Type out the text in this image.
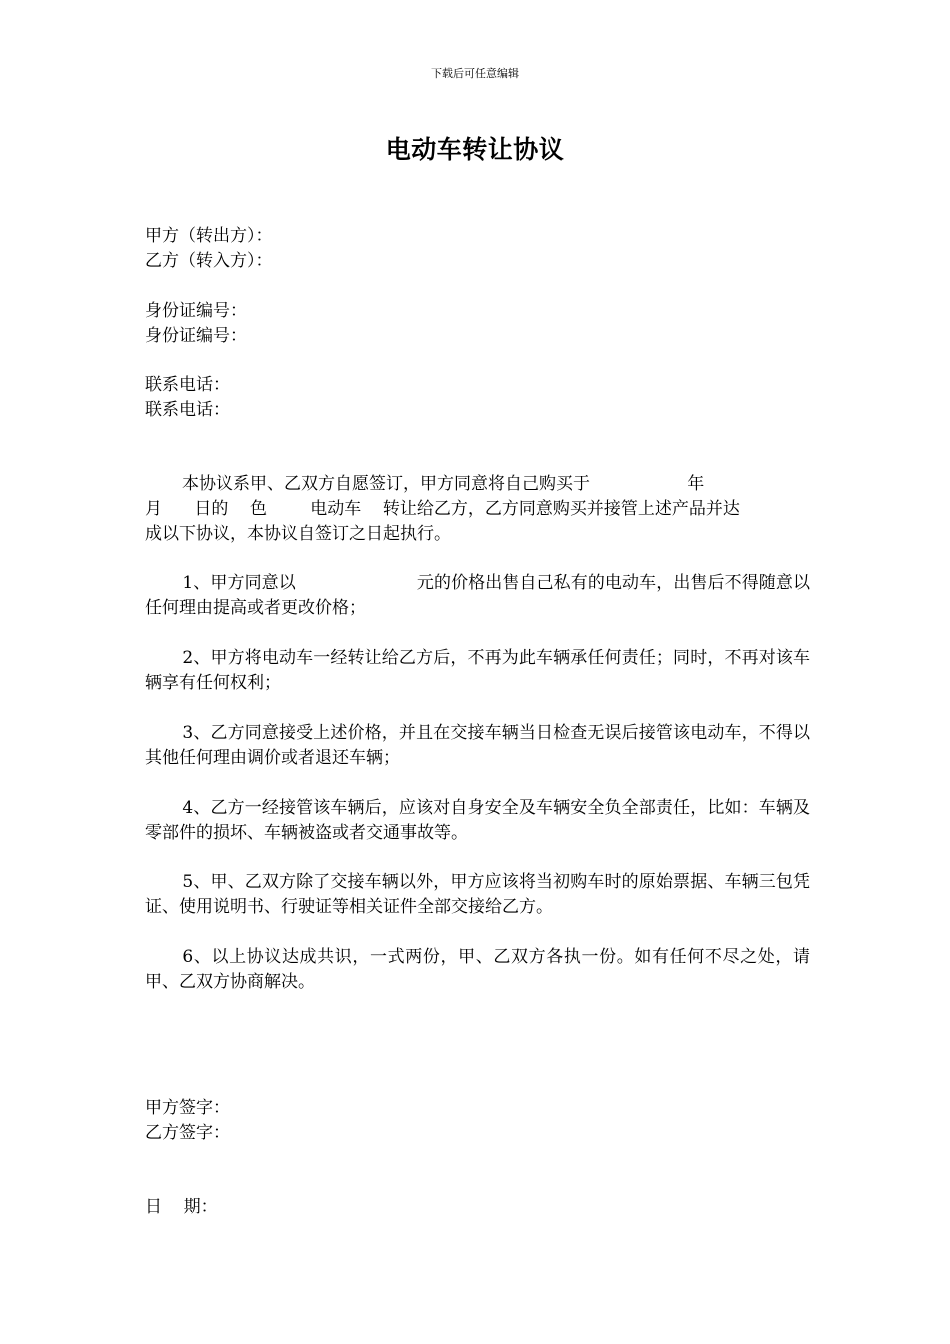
下载后可任意编辑
电动车转让协议
甲方（转出方）：
乙方（转入方）：
身份证编号：
身份证编号：
联系电话：
联系电话：
本协议系甲、乙双方自愿签订，甲方同意将自己购买于                  年
月      日的    色        电动车    转让给乙方，乙方同意购买并接管上述产品并达
成以下协议，本协议自签订之日起执行。

1、甲方同意以                      元的价格出售自己私有的电动车，出售后不得随意以任何理由提高或者更改价格；

2、甲方将电动车一经转让给乙方后，不再为此车辆承任何责任；同时，不再对该车辆享有任何权利；

3、乙方同意接受上述价格，并且在交接车辆当日检查无误后接管该电动车，不得以其他任何理由调价或者退还车辆；

4、乙方一经接管该车辆后，应该对自身安全及车辆安全负全部责任，比如：车辆及零部件的损坏、车辆被盗或者交通事故等。

5、甲、乙双方除了交接车辆以外，甲方应该将当初购车时的原始票据、车辆三包凭证、使用说明书、行驶证等相关证件全部交接给乙方。

6、以上协议达成共识，一式两份，甲、乙双方各执一份。如有任何不尽之处，请甲、乙双方协商解决。

甲方签字：
乙方签字：
日    期：
